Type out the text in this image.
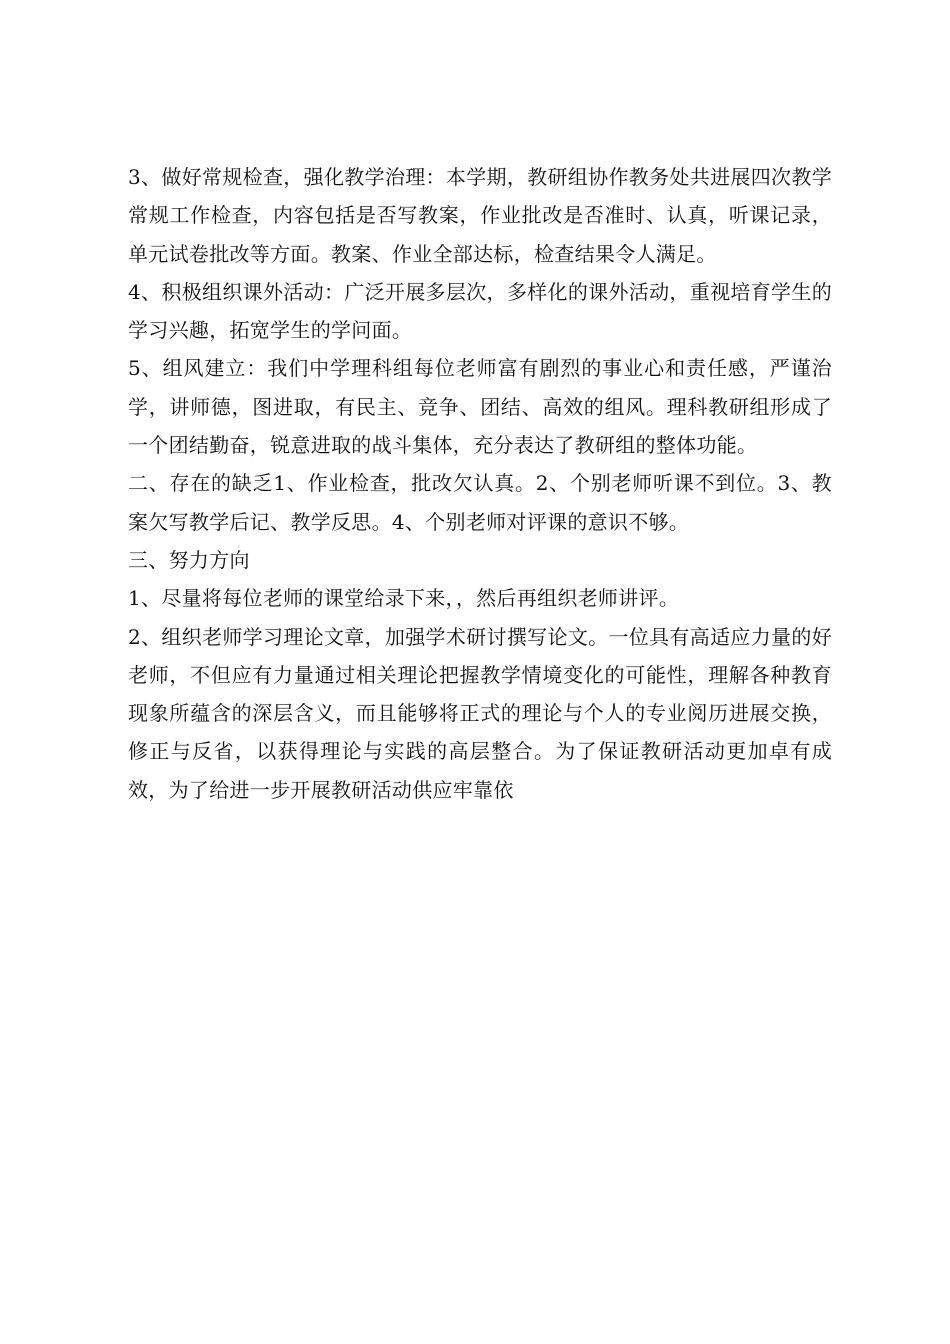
3、做好常规检查，强化教学治理：本学期，教研组协作教务处共进展四次教学常规工作检查，内容包括是否写教案，作业批改是否准时、认真，听课记录，单元试卷批改等方面。教案、作业全部达标，检查结果令人满足。

4、积极组织课外活动：广泛开展多层次，多样化的课外活动，重视培育学生的学习兴趣，拓宽学生的学问面。

5、组风建立：我们中学理科组每位老师富有剧烈的事业心和责任感，严谨治学，讲师德，图进取，有民主、竞争、团结、高效的组风。理科教研组形成了一个团结勤奋，锐意进取的战斗集体，充分表达了教研组的整体功能。

二、存在的缺乏1、作业检查，批改欠认真。2、个别老师听课不到位。3、教案欠写教学后记、教学反思。4、个别老师对评课的意识不够。

三、努力方向

1、尽量将每位老师的课堂给录下来，，然后再组织老师讲评。

2、组织老师学习理论文章，加强学术研讨撰写论文。一位具有高适应力量的好老师，不但应有力量通过相关理论把握教学情境变化的可能性，理解各种教育现象所蕴含的深层含义，而且能够将正式的理论与个人的专业阅历进展交换，修正与反省，以获得理论与实践的高层整合。为了保证教研活动更加卓有成效，为了给进一步开展教研活动供应牢靠依
